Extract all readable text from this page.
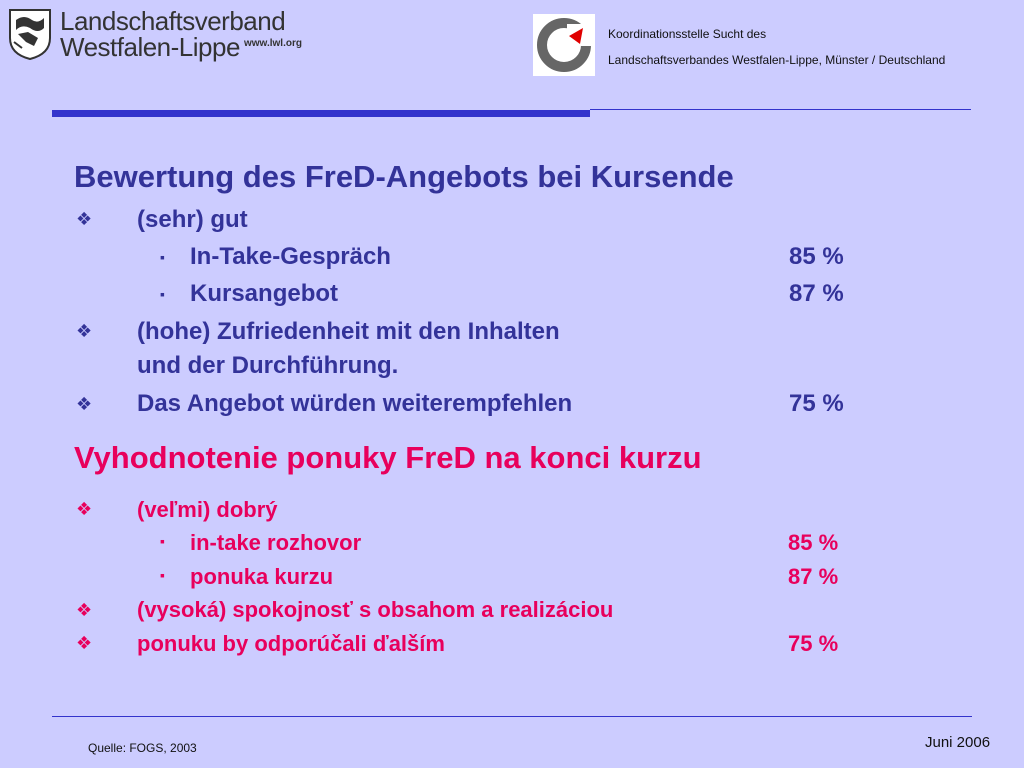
Landschaftsverband
Westfalen-Lippe www.lwl.org
Koordinationsstelle Sucht des
Landschaftsverbandes Westfalen-Lippe, Münster / Deutschland
Bewertung des FreD-Angebots bei Kursende
❖ (sehr) gut
▪ In-Take-Gespräch	85 %
▪ Kursangebot	87 %
❖ (hohe) Zufriedenheit mit den Inhalten
und der Durchführung.
❖ Das Angebot würden weiterempfehlen	75 %
Vyhodnotenie ponuky FreD na konci kurzu
❖ (veľmi) dobrý
▪ in-take rozhovor	85 %
▪ ponuka kurzu	87 %
❖ (vysoká) spokojnosť s obsahom a realizáciou
❖ ponuku by odporúčali ďalším	75 %
Quelle: FOGS, 2003	Juni 2006
